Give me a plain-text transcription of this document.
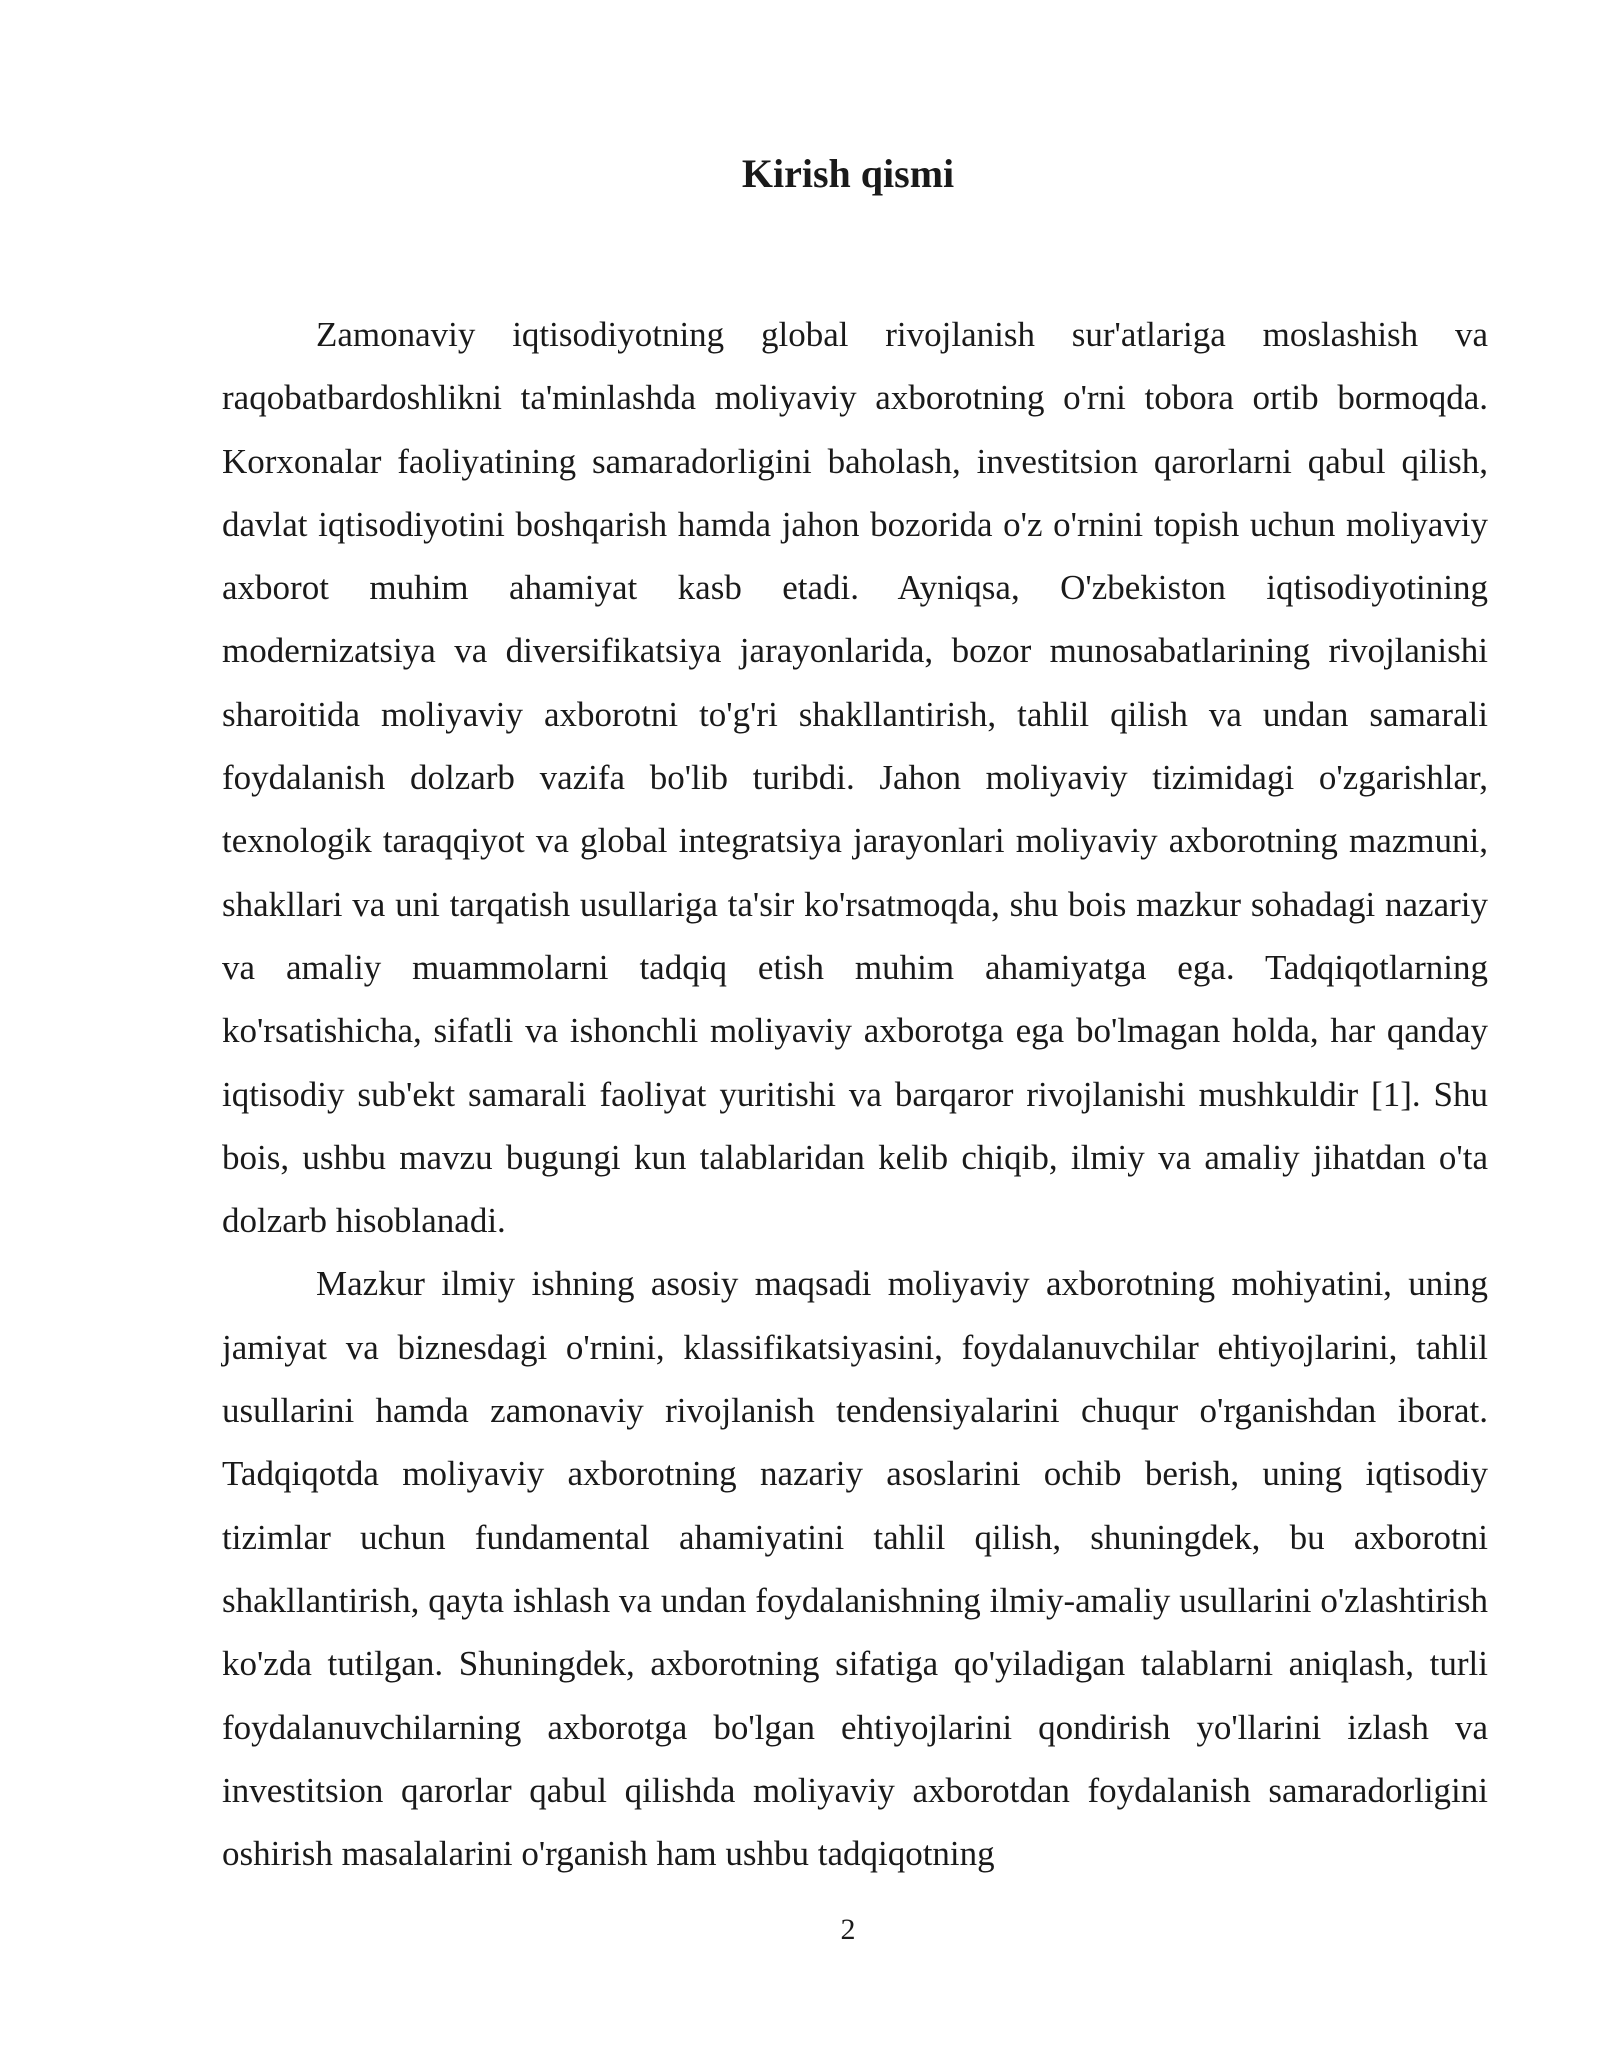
Kirish qismi

Zamonaviy iqtisodiyotning global rivojlanish sur'atlariga moslashish va raqobatbardoshlikni ta'minlashda moliyaviy axborotning o'rni tobora ortib bormoqda. Korxonalar faoliyatining samaradorligini baholash, investitsion qarorlarni qabul qilish, davlat iqtisodiyotini boshqarish hamda jahon bozorida o'z o'rnini topish uchun moliyaviy axborot muhim ahamiyat kasb etadi. Ayniqsa, O'zbekiston iqtisodiyotining modernizatsiya va diversifikatsiya jarayonlarida, bozor munosabatlarining rivojlanishi sharoitida moliyaviy axborotni to'g'ri shakllantirish, tahlil qilish va undan samarali foydalanish dolzarb vazifa bo'lib turibdi. Jahon moliyaviy tizimidagi o'zgarishlar, texnologik taraqqiyot va global integratsiya jarayonlari moliyaviy axborotning mazmuni, shakllari va uni tarqatish usullariga ta'sir ko'rsatmoqda, shu bois mazkur sohadagi nazariy va amaliy muammolarni tadqiq etish muhim ahamiyatga ega. Tadqiqotlarning ko'rsatishicha, sifatli va ishonchli moliyaviy axborotga ega bo'lmagan holda, har qanday iqtisodiy sub'ekt samarali faoliyat yuritishi va barqaror rivojlanishi mushkuldir [1]. Shu bois, ushbu mavzu bugungi kun talablaridan kelib chiqib, ilmiy va amaliy jihatdan o'ta dolzarb hisoblanadi.

Mazkur ilmiy ishning asosiy maqsadi moliyaviy axborotning mohiyatini, uning jamiyat va biznesdagi o'rnini, klassifikatsiyasini, foydalanuvchilar ehtiyojlarini, tahlil usullarini hamda zamonaviy rivojlanish tendensiyalarini chuqur o'rganishdan iborat. Tadqiqotda moliyaviy axborotning nazariy asoslarini ochib berish, uning iqtisodiy tizimlar uchun fundamental ahamiyatini tahlil qilish, shuningdek, bu axborotni shakllantirish, qayta ishlash va undan foydalanishning ilmiy-amaliy usullarini o'zlashtirish ko'zda tutilgan. Shuningdek, axborotning sifatiga qo'yiladigan talablarni aniqlash, turli foydalanuvchilarning axborotga bo'lgan ehtiyojlarini qondirish yo'llarini izlash va investitsion qarorlar qabul qilishda moliyaviy axborotdan foydalanish samaradorligini oshirish masalalarini o'rganish ham ushbu tadqiqotning

2
